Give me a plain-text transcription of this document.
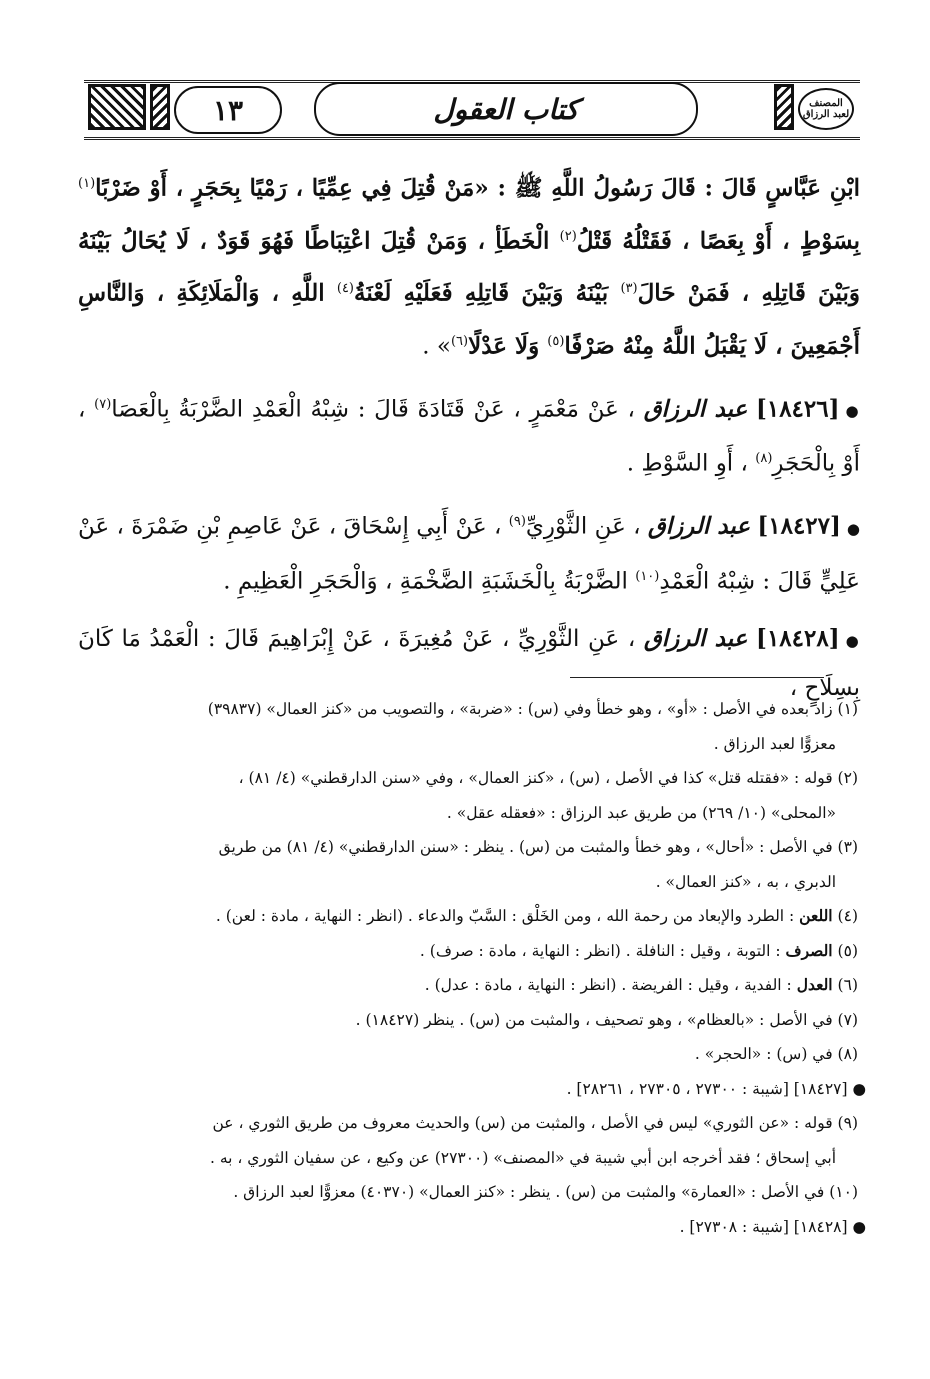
المصنف لعبد الرزاق
١٣	كتاب العقول

ابْنِ عَبَّاسٍ قَالَ : قَالَ رَسُولُ اللَّهِ ﷺ : «مَنْ قُتِلَ فِي عِمِّيًا ، رَمْيًا بِحَجَرٍ ، أَوْ ضَرْبًا$^{(١)}$ بِسَوْطٍ ، أَوْ بِعَصًا ، فَقَتْلُهُ قَتْلُ$^{(٢)}$ الْخَطَأِ ، وَمَنْ قُتِلَ اعْتِبَاطًا فَهُوَ قَوَدٌ ، لَا يُحَالُ بَيْنَهُ وَبَيْنَ قَاتِلِهِ ، فَمَنْ حَالَ$^{(٣)}$ بَيْنَهُ وَبَيْنَ قَاتِلِهِ فَعَلَيْهِ لَعْنَةُ$^{(٤)}$ اللَّهِ ، وَالْمَلَائِكَةِ ، وَالنَّاسِ أَجْمَعِينَ ، لَا يَقْبَلُ اللَّهُ مِنْهُ صَرْفًا$^{(٥)}$ وَلَا عَدْلًا$^{(٦)}$» .

●[١٨٤٢٦] عبد الرزاق ، عَنْ مَعْمَرٍ ، عَنْ قَتَادَةَ قَالَ : شِبْهُ الْعَمْدِ الضَّرْبَةُ بِالْعَصَا$^{(٧)}$ ، أَوْ بِالْحَجَرِ$^{(٨)}$ ، أَوِ السَّوْطِ .

●[١٨٤٢٧] عبد الرزاق ، عَنِ الثَّوْرِيِّ$^{(٩)}$ ، عَنْ أَبِي إِسْحَاقَ ، عَنْ عَاصِمِ بْنِ ضَمْرَةَ ، عَنْ عَلِيٍّ قَالَ : شِبْهُ الْعَمْدِ$^{(١٠)}$ الضَّرْبَةُ بِالْخَشَبَةِ الضَّخْمَةِ ، وَالْحَجَرِ الْعَظِيمِ .

●[١٨٤٢٨] عبد الرزاق ، عَنِ الثَّوْرِيِّ ، عَنْ مُغِيرَةَ ، عَنْ إِبْرَاهِيمَ قَالَ : الْعَمْدُ مَا كَانَ بِسِلَاحٍ ،

(١) زاد بعده في الأصل : «أو» ، وهو خطأ وفي (س) : «ضربة» ، والتصويب من «كنز العمال» (٣٩٨٣٧)

معزوًّا لعبد الرزاق .

(٢) قوله : «فقتله قتل» كذا في الأصل ، (س) ، «كنز العمال» ، وفي «سنن الدارقطني» (٤/ ٨١) ،

«المحلى» (١٠/ ٢٦٩) من طريق عبد الرزاق : «فعقله عقل» .

(٣) في الأصل : «أحال» ، وهو خطأ والمثبت من (س) . ينظر : «سنن الدارقطني» (٤/ ٨١) من طريق

الدبري ، به ، «كنز العمال» .

(٤) اللعن : الطرد والإبعاد من رحمة الله ، ومن الخَلْق : السَّبّ والدعاء . (انظر : النهاية ، مادة : لعن) .

(٥) الصرف : التوبة ، وقيل : النافلة . (انظر : النهاية ، مادة : صرف) .

(٦) العدل : الفدية ، وقيل : الفريضة . (انظر : النهاية ، مادة : عدل) .

(٧) في الأصل : «بالعظام» ، وهو تصحيف ، والمثبت من (س) . ينظر (١٨٤٢٧) .

(٨) في (س) : «الحجر» .

● [١٨٤٢٧] [شيبة : ٢٧٣٠٠ ، ٢٧٣٠٥ ، ٢٨٢٦١] .

(٩) قوله : «عن الثوري» ليس في الأصل ، والمثبت من (س) والحديث معروف من طريق الثوري ، عن

أبي إسحاق ؛ فقد أخرجه ابن أبي شيبة في «المصنف» (٢٧٣٠٠) عن وكيع ، عن سفيان الثوري ، به .

(١٠) في الأصل : «العمارة» والمثبت من (س) . ينظر : «كنز العمال» (٤٠٣٧٠) معزوًّا لعبد الرزاق .

● [١٨٤٢٨] [شيبة : ٢٧٣٠٨] .
